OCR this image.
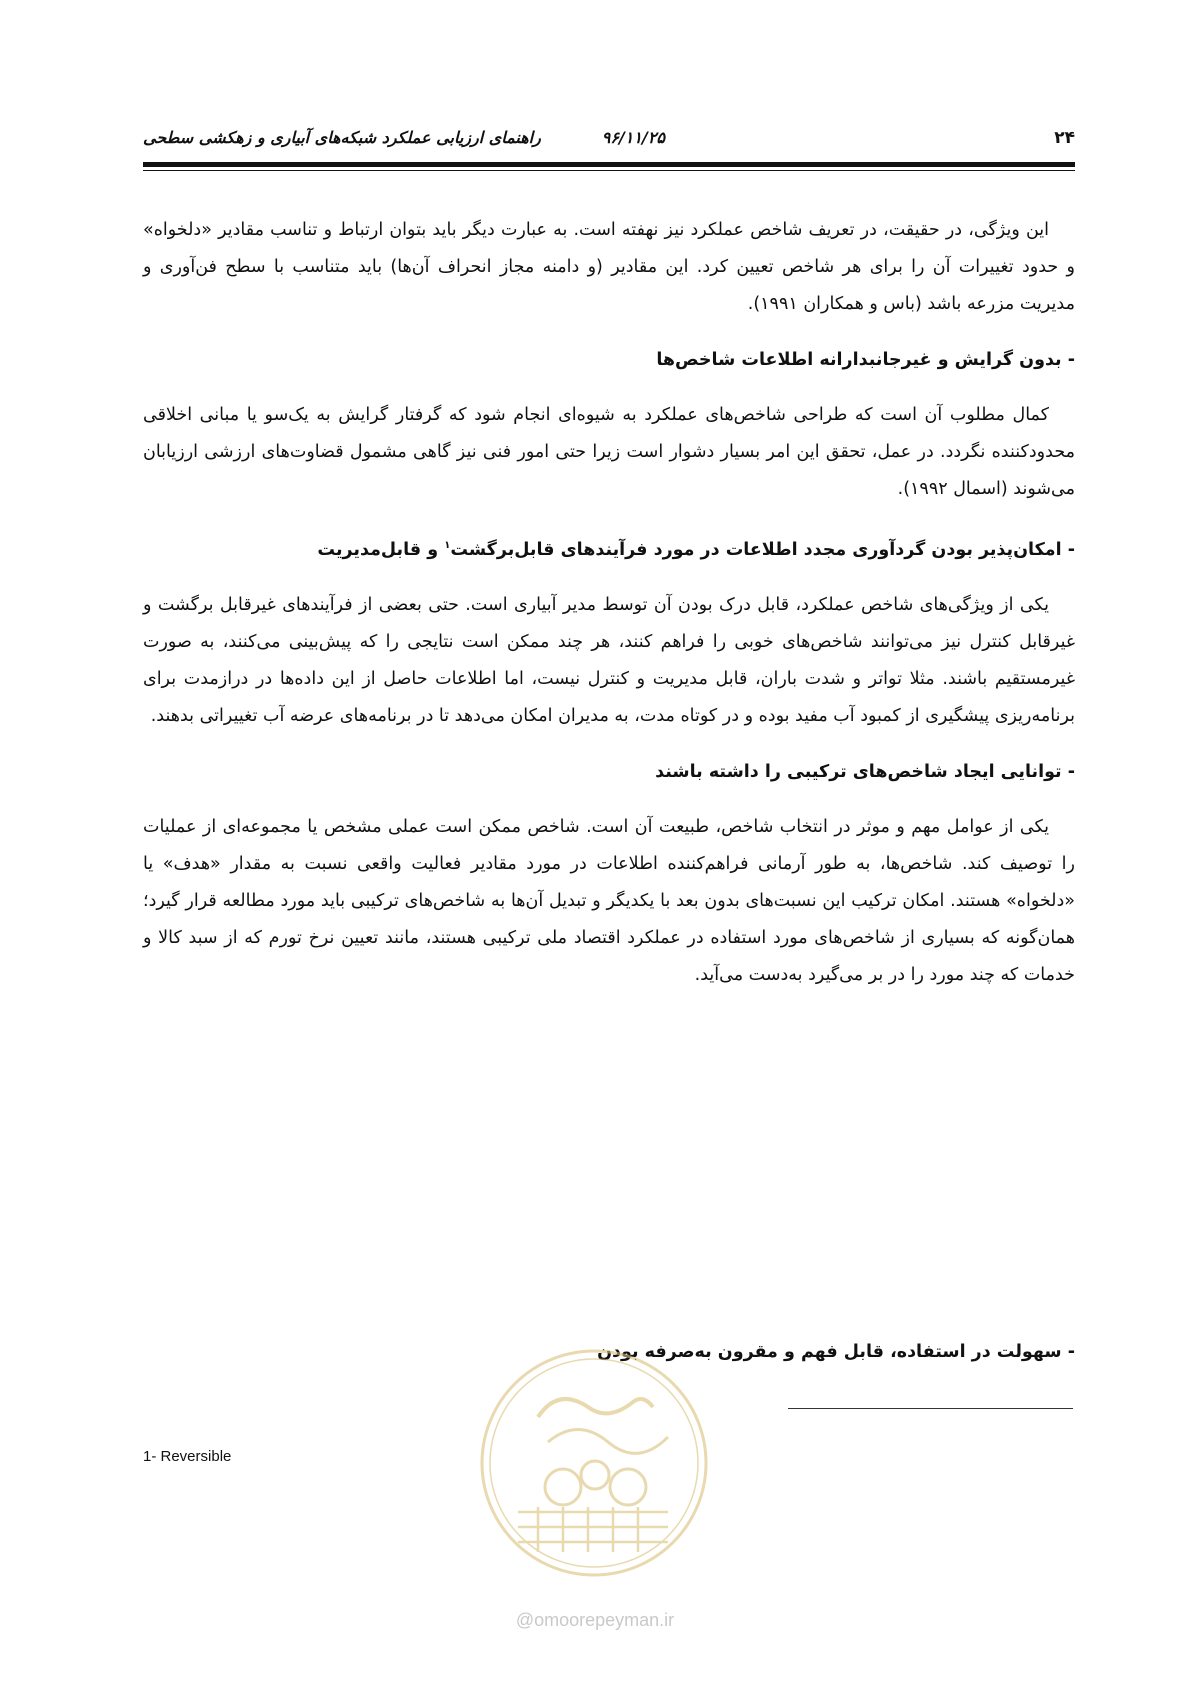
۲۴
۹۶/۱۱/۲۵
راهنمای ارزیابی عملکرد شبکه‌های آبیاری و زهکشی سطحی

این ویژگی، در حقیقت، در تعریف شاخص عملکرد نیز نهفته است. به عبارت دیگر باید بتوان ارتباط و تناسب مقادیر «دلخواه» و حدود تغییرات آن را برای هر شاخص تعیین کرد. این مقادیر (و دامنه مجاز انحراف آن‌ها) باید متناسب با سطح فن‌آوری و مدیریت مزرعه باشد (باس و همکاران ۱۹۹۱).

- بدون گرایش و غیرجانبدارانه اطلاعات شاخص‌ها

کمال مطلوب آن است که طراحی شاخص‌های عملکرد به شیوه‌ای انجام شود که گرفتار گرایش به یک‌سو یا مبانی اخلاقی محدودکننده نگردد. در عمل، تحقق این امر بسیار دشوار است زیرا حتی امور فنی نیز گاهی مشمول قضاوت‌های ارزشی ارزیابان می‌شوند (اسمال ۱۹۹۲).

- امکان‌پذیر بودن گردآوری مجدد اطلاعات در مورد فرآیندهای قابل‌برگشت$^۱$ و قابل‌مدیریت

یکی از ویژگی‌های شاخص عملکرد، قابل درک بودن آن توسط مدیر آبیاری است. حتی بعضی از فرآیندهای غیرقابل برگشت و غیرقابل کنترل نیز می‌توانند شاخص‌های خوبی را فراهم کنند، هر چند ممکن است نتایجی را که پیش‌بینی می‌کنند، به صورت غیرمستقیم باشند. مثلا تواتر و شدت باران، قابل مدیریت و کنترل نیست، اما اطلاعات حاصل از این داده‌ها در درازمدت برای برنامه‌ریزی پیشگیری از کمبود آب مفید بوده و در کوتاه مدت، به مدیران امکان می‌دهد تا در برنامه‌های عرضه آب تغییراتی بدهند.

- توانایی ایجاد شاخص‌های ترکیبی را داشته باشند

یکی از عوامل مهم و موثر در انتخاب شاخص، طبیعت آن است. شاخص ممکن است عملی مشخص یا مجموعه‌ای از عملیات را توصیف کند. شاخص‌ها، به طور آرمانی فراهم‌کننده اطلاعات در مورد مقادیر فعالیت واقعی نسبت به مقدار «هدف» یا «دلخواه» هستند. امکان ترکیب این نسبت‌های بدون بعد با یکدیگر و تبدیل آن‌ها به شاخص‌های ترکیبی باید مورد مطالعه قرار گیرد؛ همان‌گونه که بسیاری از شاخص‌های مورد استفاده در عملکرد اقتصاد ملی ترکیبی هستند، مانند تعیین نرخ تورم که از سبد کالا و خدمات که چند مورد را در بر می‌گیرد به‌دست می‌آید.

- سهولت در استفاده، قابل فهم و مقرون به‌صرفه بودن
1- Reversible
@omoorepeyman.ir
